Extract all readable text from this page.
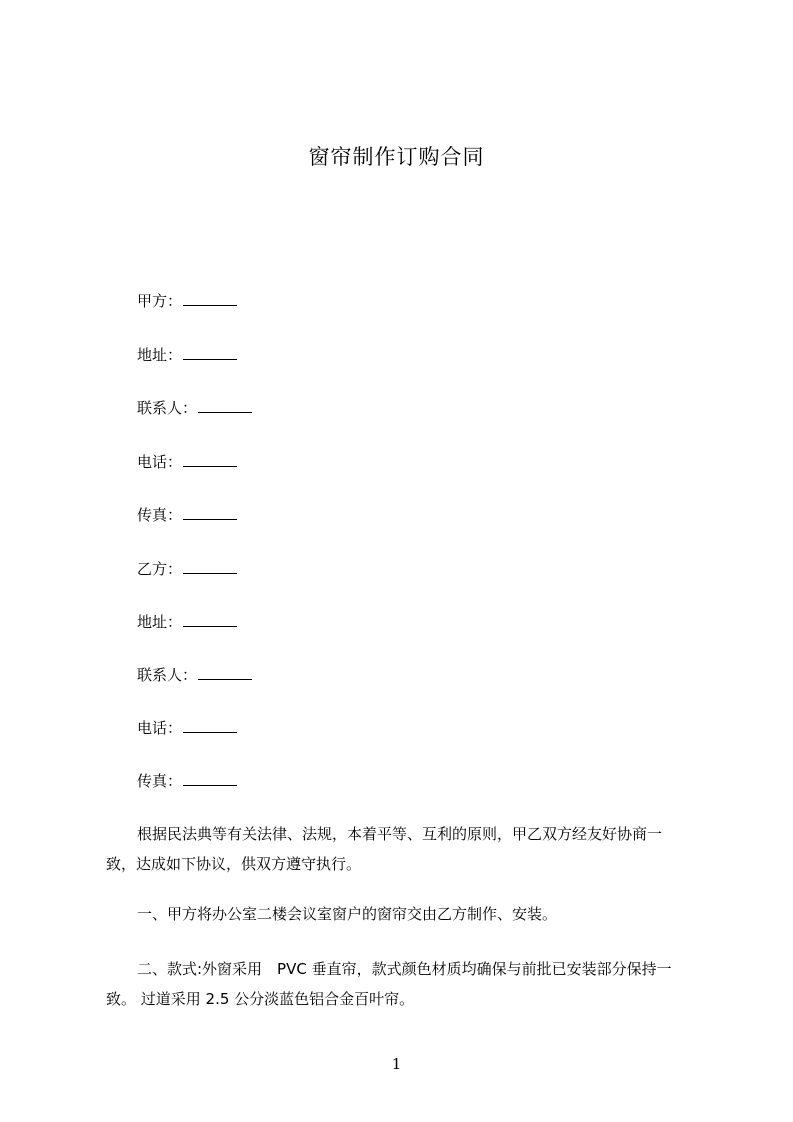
窗帘制作订购合同
甲方：
地址：
联系人：
电话：
传真：
乙方：
地址：
联系人：
电话：
传真：
根据民法典等有关法律、法规，本着平等、互利的原则，甲乙双方经友好协商一
致，达成如下协议，供双方遵守执行。
一、甲方将办公室二楼会议室窗户的窗帘交由乙方制作、安装。
二、款式:外窗采用　PVC 垂直帘，款式颜色材质均确保与前批已安装部分保持一
致。 过道采用 2.5 公分淡蓝色铝合金百叶帘。
1
